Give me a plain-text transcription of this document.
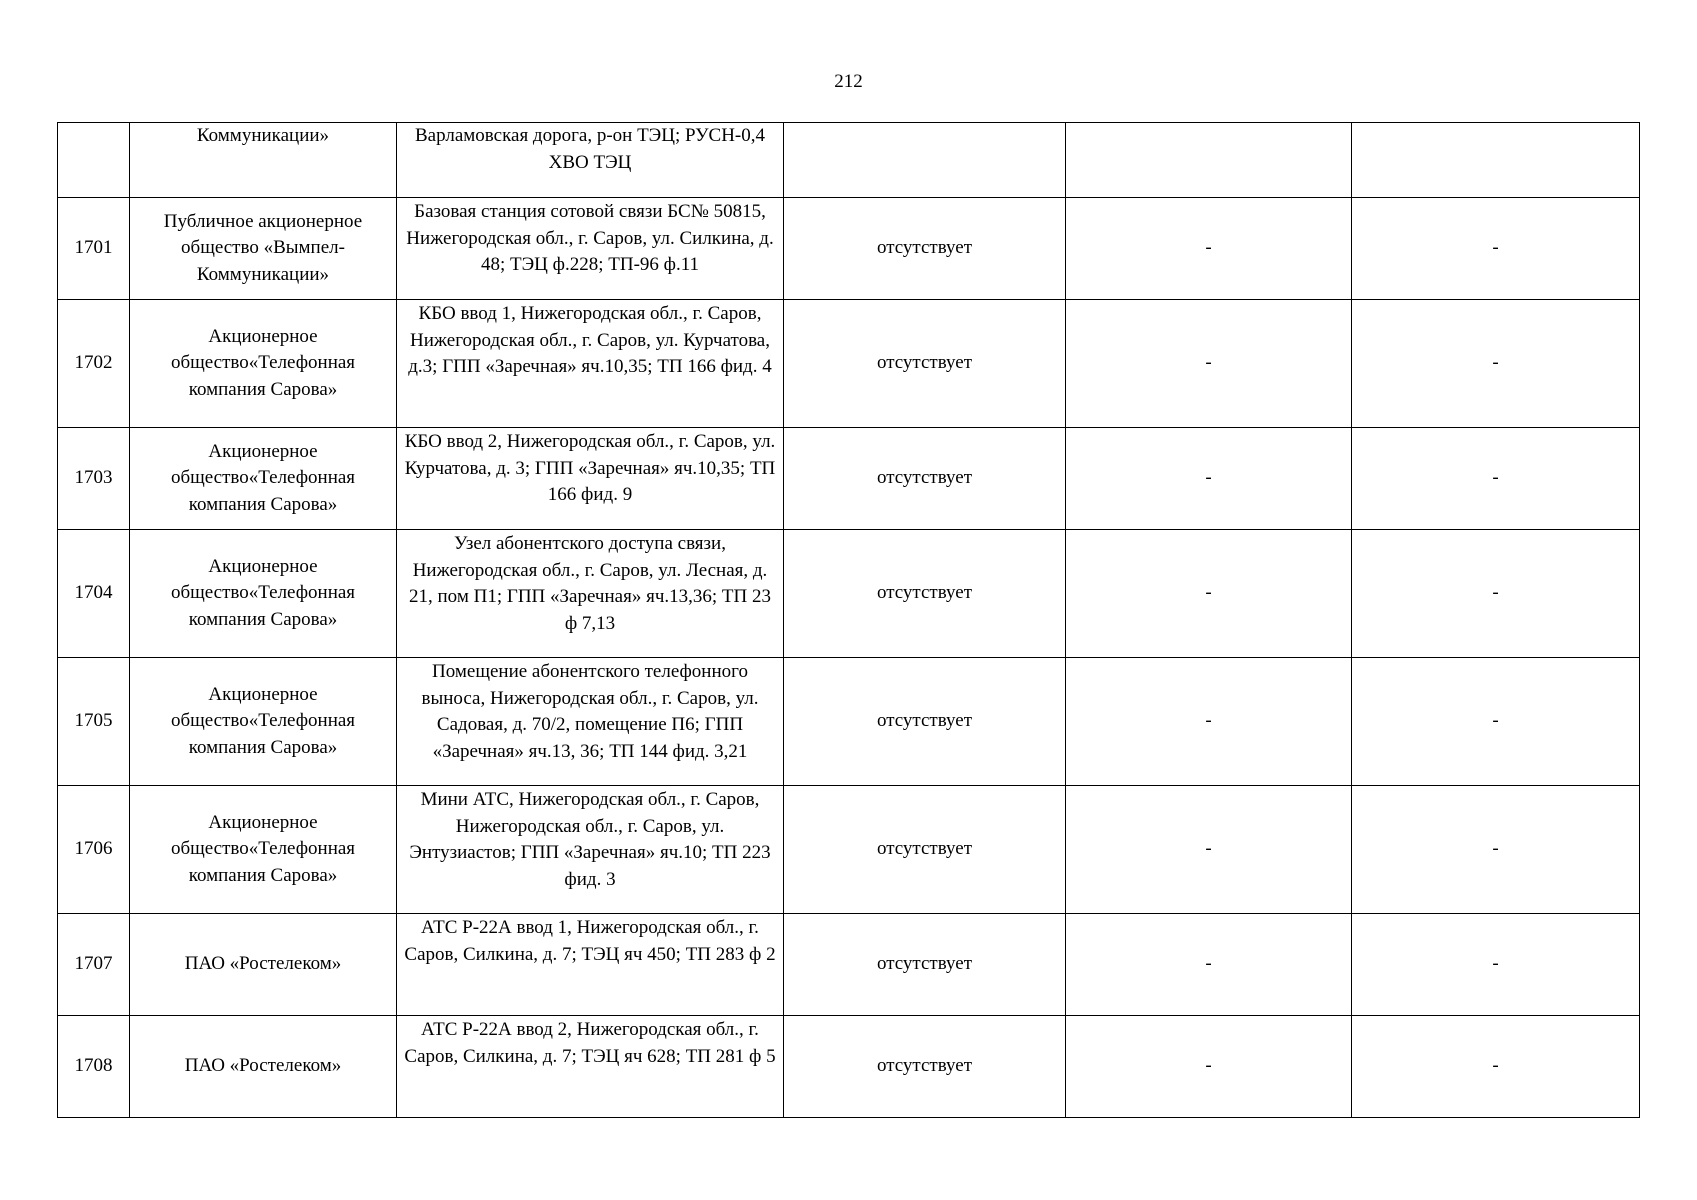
212
	Коммуникации»	Варламовская дорога, р-он ТЭЦ; РУСН-0,4 ХВО ТЭЦ			
1701	Публичное акционерное общество «Вымпел-Коммуникации»	Базовая станция сотовой связи БС№ 50815, Нижегородская обл., г. Саров, ул. Силкина, д. 48; ТЭЦ ф.228; ТП-96 ф.11	отсутствует	-	-
1702	Акционерное общество«Телефонная компания Сарова»	КБО ввод 1, Нижегородская обл., г. Саров, Нижегородская обл., г. Саров, ул. Курчатова, д.3; ГПП «Заречная» яч.10,35; ТП 166 фид. 4	отсутствует	-	-
1703	Акционерное общество«Телефонная компания Сарова»	КБО ввод 2, Нижегородская обл., г. Саров, ул. Курчатова, д. 3; ГПП «Заречная» яч.10,35; ТП 166 фид. 9	отсутствует	-	-
1704	Акционерное общество«Телефонная компания Сарова»	Узел абонентского доступа связи, Нижегородская обл., г. Саров, ул. Лесная, д. 21, пом П1; ГПП «Заречная» яч.13,36; ТП 23 ф 7,13	отсутствует	-	-
1705	Акционерное общество«Телефонная компания Сарова»	Помещение абонентского телефонного выноса, Нижегородская обл., г. Саров, ул. Садовая, д. 70/2, помещение П6; ГПП «Заречная» яч.13, 36; ТП 144 фид. 3,21	отсутствует	-	-
1706	Акционерное общество«Телефонная компания Сарова»	Мини АТС, Нижегородская обл., г. Саров, Нижегородская обл., г. Саров, ул. Энтузиастов; ГПП «Заречная» яч.10; ТП 223 фид. 3	отсутствует	-	-
1707	ПАО «Ростелеком»	АТС Р-22А ввод 1, Нижегородская обл., г. Саров, Силкина, д. 7; ТЭЦ яч 450; ТП 283 ф 2	отсутствует	-	-
1708	ПАО «Ростелеком»	АТС Р-22А ввод 2, Нижегородская обл., г. Саров, Силкина, д. 7; ТЭЦ яч 628; ТП 281 ф 5	отсутствует	-	-
